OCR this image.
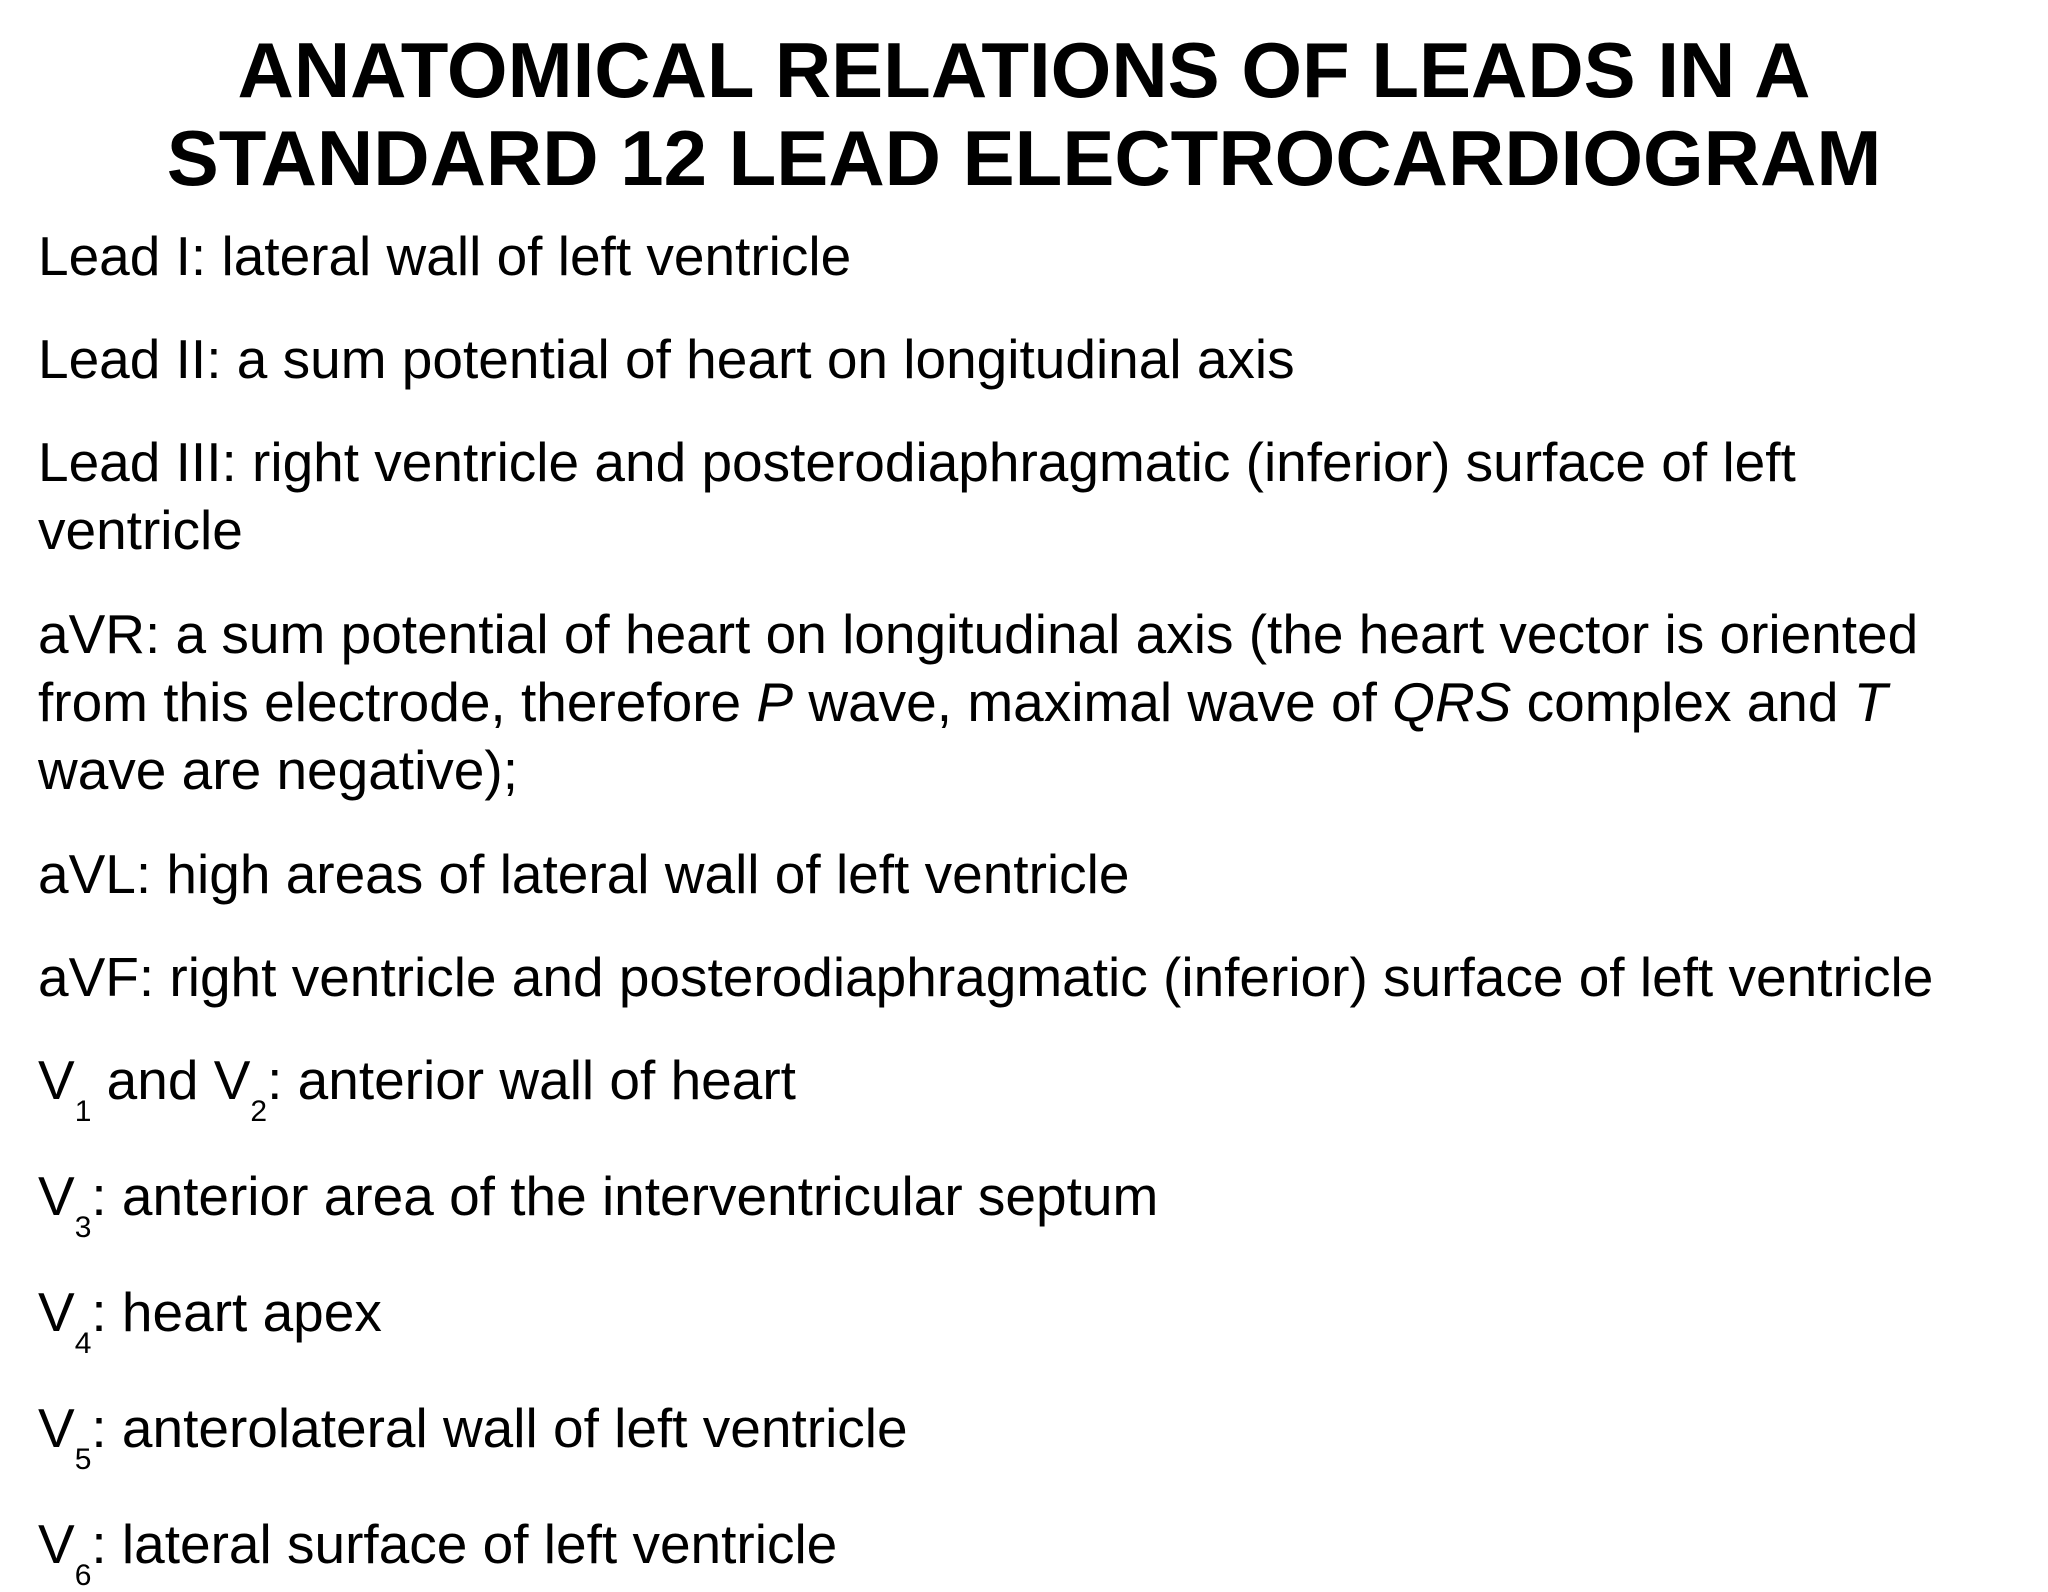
ANATOMICAL RELATIONS OF LEADS IN A
STANDARD 12 LEAD ELECTROCARDIOGRAM

Lead I: lateral wall of left ventricle

Lead II: a sum potential of heart on longitudinal axis

Lead III: right ventricle and posterodiaphragmatic (inferior) surface of left ventricle

aVR: a sum potential of heart on longitudinal axis (the heart vector is oriented from this electrode, therefore P wave, maximal wave of QRS complex and T wave are negative);

aVL: high areas of lateral wall of left ventricle

aVF: right ventricle and posterodiaphragmatic (inferior) surface of left ventricle

$V_1$ and $V_2$: anterior wall of heart

$V_3$: anterior area of the interventricular septum

$V_4$: heart apex

$V_5$: anterolateral wall of left ventricle

$V_6$: lateral surface of left ventricle
